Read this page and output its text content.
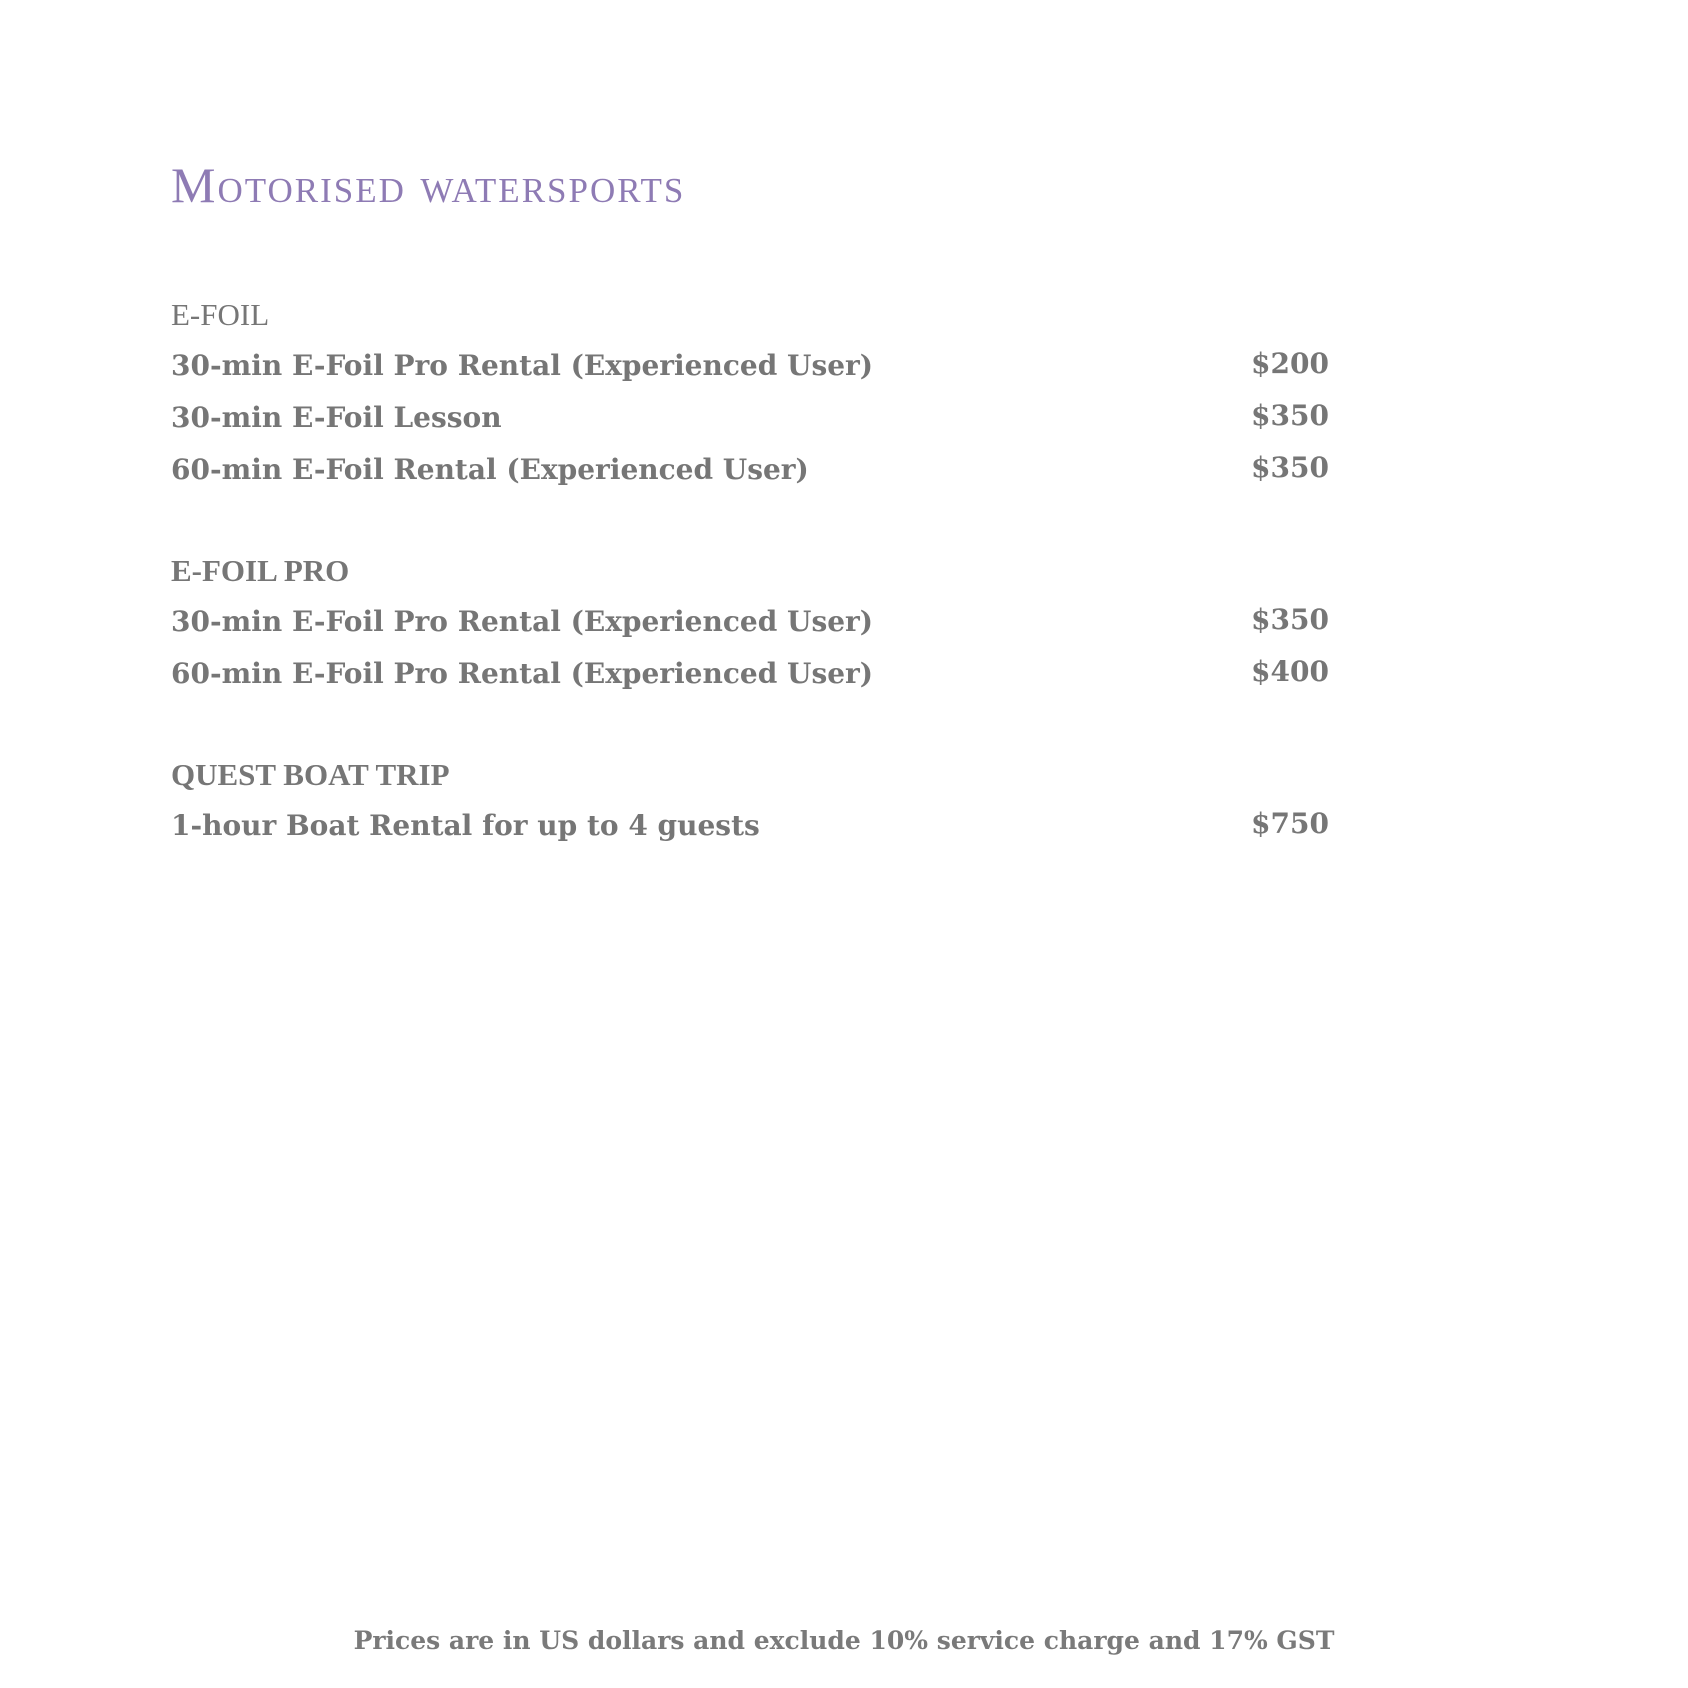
Motorised watersports
E-FOIL
30-min E-Foil Pro Rental (Experienced User)	$200
30-min E-Foil Lesson	$350
60-min E-Foil Rental (Experienced User)	$350
E-FOIL PRO
30-min E-Foil Pro Rental (Experienced User)	$350
60-min E-Foil Pro Rental (Experienced User)	$400
QUEST BOAT TRIP
1-hour Boat Rental for up to 4 guests	$750
Prices are in US dollars and exclude 10% service charge and 17% GST
